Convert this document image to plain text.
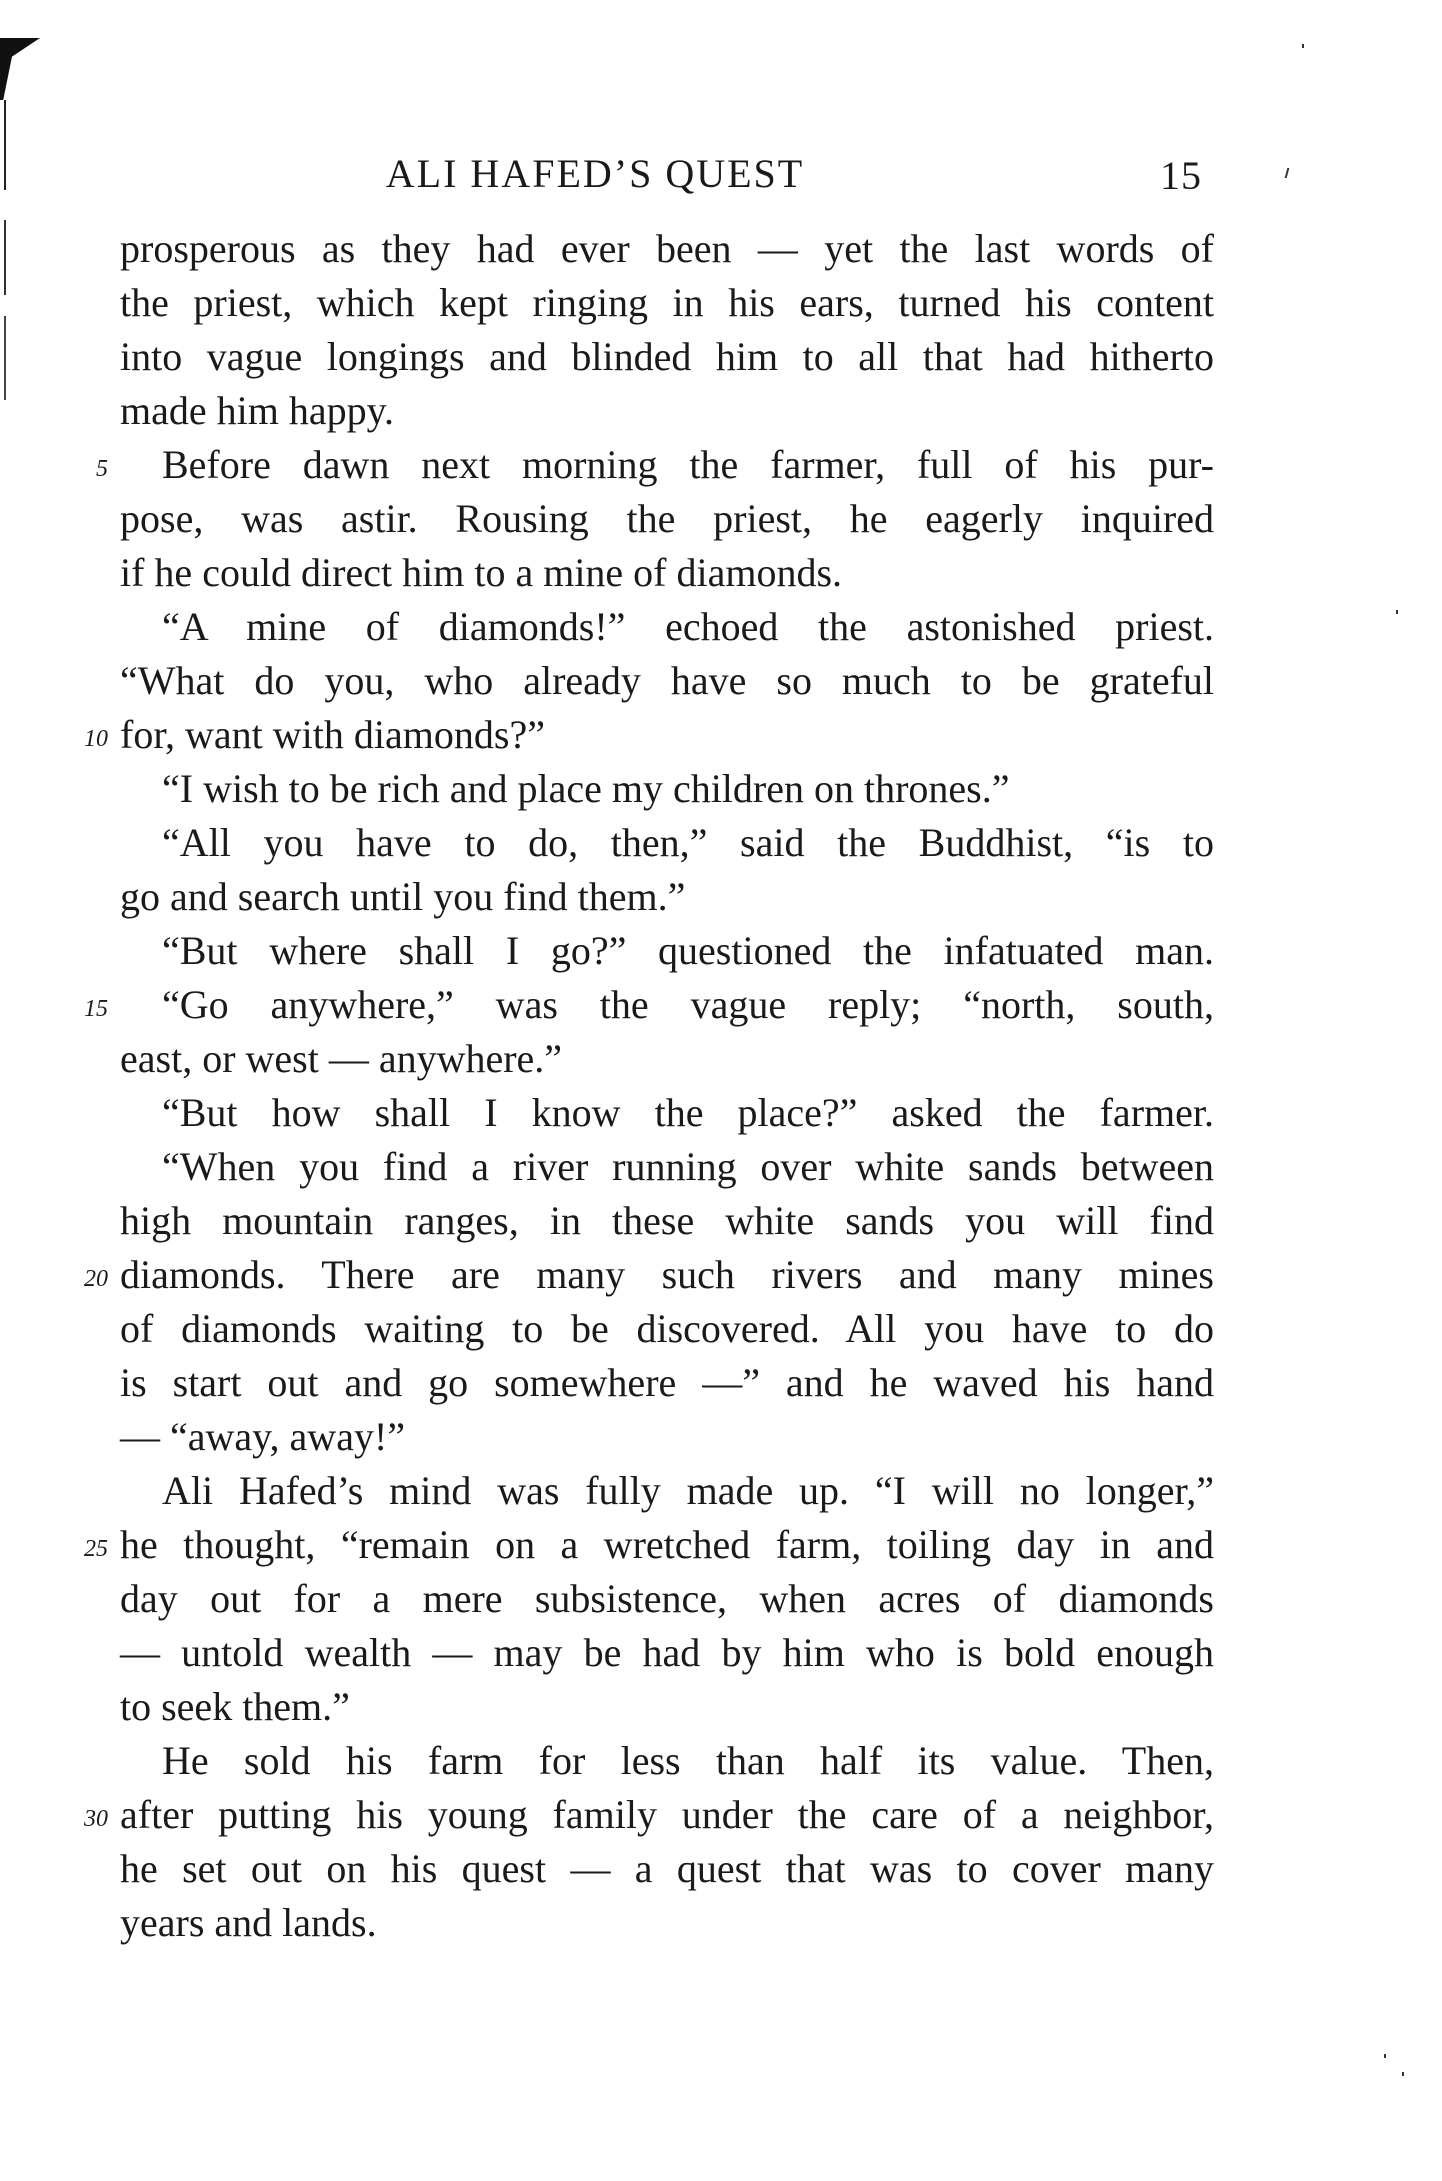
ALI HAFED’S QUEST	15
prosperous as they had ever been — yet the last words of
the priest, which kept ringing in his ears, turned his content
into vague longings and blinded him to all that had hitherto
made him happy.
5	Before dawn next morning the farmer, full of his pur-
pose, was astir. Rousing the priest, he eagerly inquired
if he could direct him to a mine of diamonds.
“A mine of diamonds!” echoed the astonished priest.
“What do you, who already have so much to be grateful
10 for, want with diamonds?”
“I wish to be rich and place my children on thrones.”
“All you have to do, then,” said the Buddhist, “is to
go and search until you find them.”
“But where shall I go?” questioned the infatuated man.
15	“Go anywhere,” was the vague reply; “north, south,
east, or west — anywhere.”
“But how shall I know the place?” asked the farmer.
“When you find a river running over white sands between
high mountain ranges, in these white sands you will find
20 diamonds. There are many such rivers and many mines
of diamonds waiting to be discovered. All you have to do
is start out and go somewhere —” and he waved his hand
— “away, away!”
Ali Hafed’s mind was fully made up. “I will no longer,”
25 he thought, “remain on a wretched farm, toiling day in and
day out for a mere subsistence, when acres of diamonds
— untold wealth — may be had by him who is bold enough
to seek them.”
He sold his farm for less than half its value. Then,
30 after putting his young family under the care of a neighbor,
he set out on his quest — a quest that was to cover many
years and lands.
